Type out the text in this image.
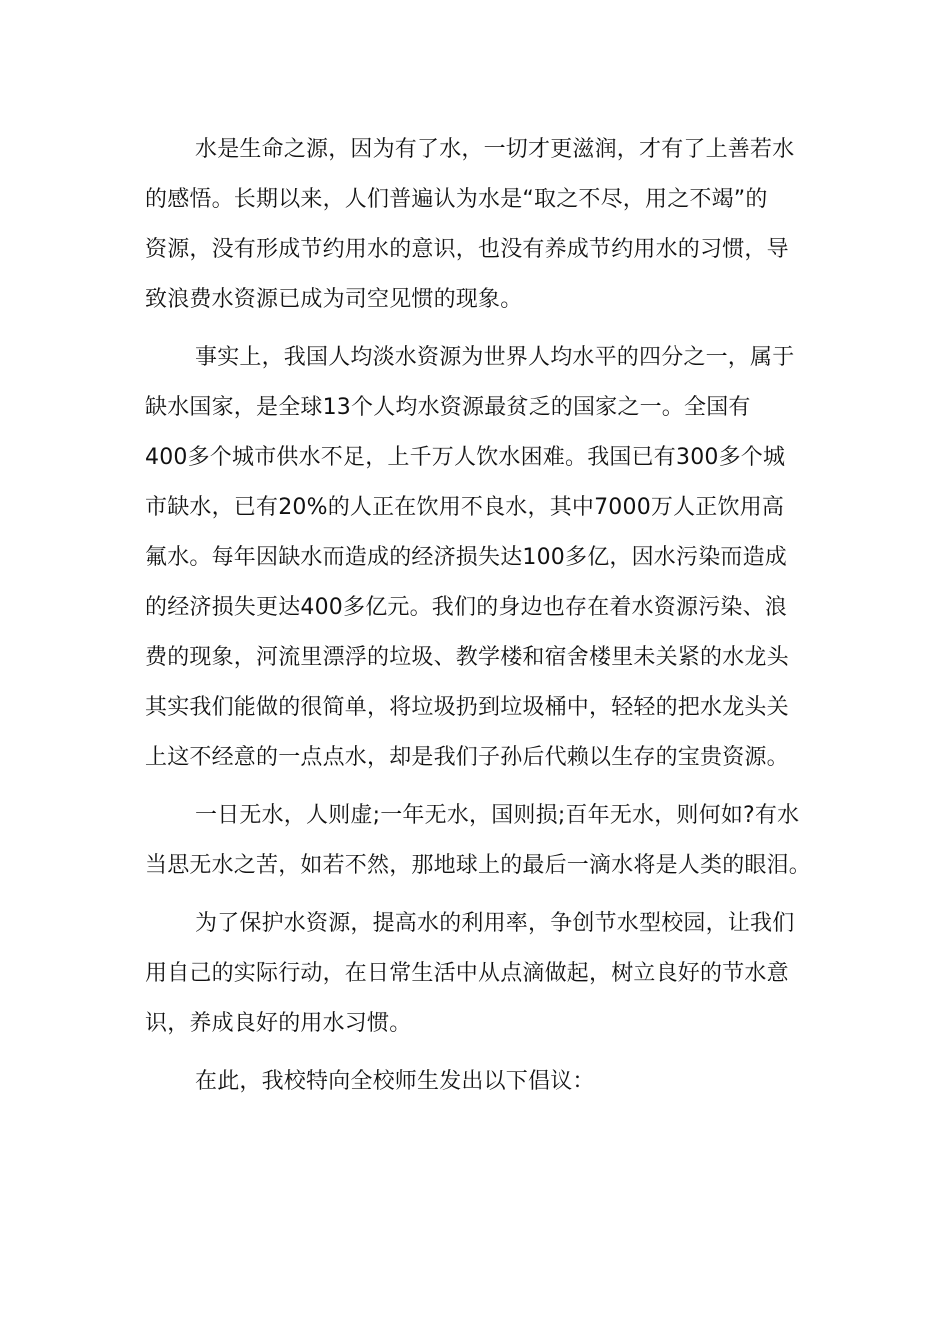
水是生命之源，因为有了水，一切才更滋润，才有了上善若水
的感悟。长期以来，人们普遍认为水是“取之不尽，用之不竭”的
资源，没有形成节约用水的意识，也没有养成节约用水的习惯，导
致浪费水资源已成为司空见惯的现象。
事实上，我国人均淡水资源为世界人均水平的四分之一，属于
缺水国家，是全球13个人均水资源最贫乏的国家之一。全国有
400多个城市供水不足，上千万人饮水困难。我国已有300多个城
市缺水，已有20%的人正在饮用不良水，其中7000万人正饮用高
氟水。每年因缺水而造成的经济损失达100多亿，因水污染而造成
的经济损失更达400多亿元。我们的身边也存在着水资源污染、浪
费的现象，河流里漂浮的垃圾、教学楼和宿舍楼里未关紧的水龙头
其实我们能做的很简单，将垃圾扔到垃圾桶中，轻轻的把水龙头关
上这不经意的一点点水，却是我们子孙后代赖以生存的宝贵资源。
一日无水，人则虚;一年无水，国则损;百年无水，则何如?有水
当思无水之苦，如若不然，那地球上的最后一滴水将是人类的眼泪。
为了保护水资源，提高水的利用率，争创节水型校园，让我们
用自己的实际行动，在日常生活中从点滴做起，树立良好的节水意
识，养成良好的用水习惯。
在此，我校特向全校师生发出以下倡议：
